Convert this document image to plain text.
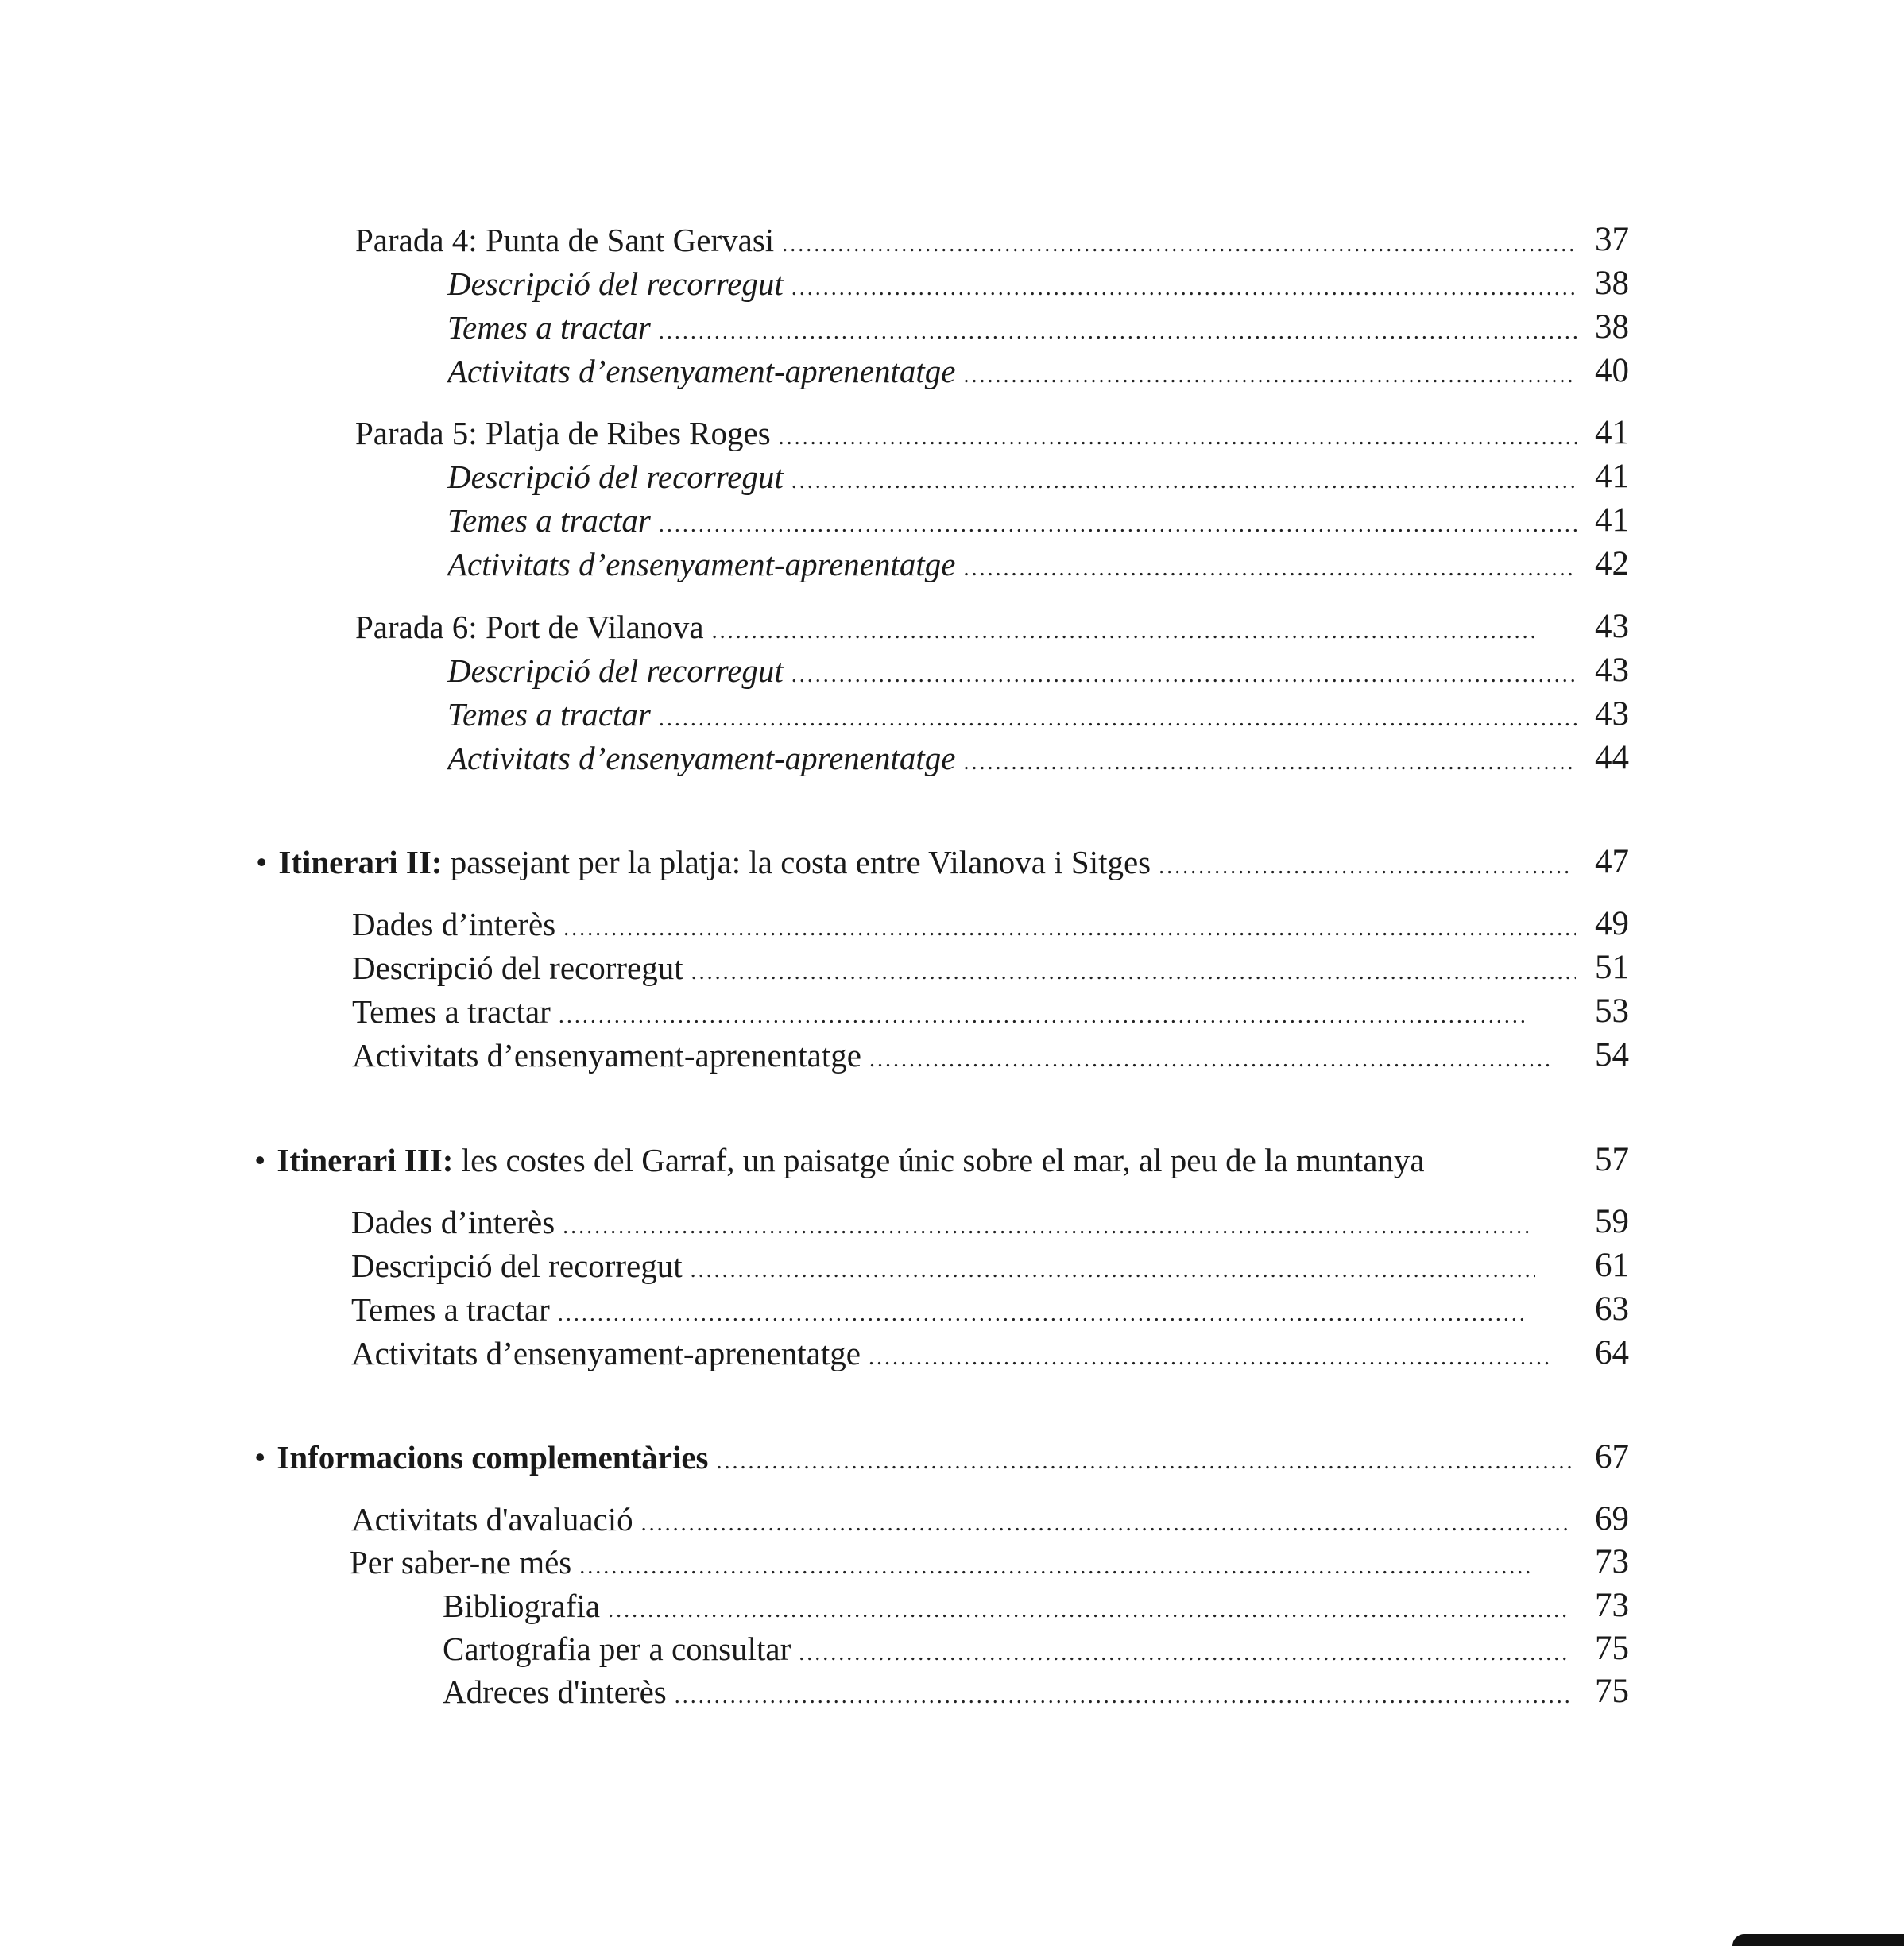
Parada 4: Punta de Sant Gervasi .....	37
Descripció del recorregut .....	38
Temes a tractar .....	38
Activitats d’ensenyament-aprenentatge .....	40
Parada 5: Platja de Ribes Roges .....	41
Descripció del recorregut .....	41
Temes a tractar .....	41
Activitats d’ensenyament-aprenentatge .....	42
Parada 6: Port de Vilanova .....	43
Descripció del recorregut .....	43
Temes a tractar .....	43
Activitats d’ensenyament-aprenentatge .....	44
• Itinerari II: passejant per la platja: la costa entre Vilanova i Sitges .....	47
Dades d’interès .....	49
Descripció del recorregut .....	51
Temes a tractar .....	53
Activitats d’ensenyament-aprenentatge .....	54
• Itinerari III: les costes del Garraf, un paisatge únic sobre el mar, al peu de la muntanya	57
Dades d’interès .....	59
Descripció del recorregut .....	61
Temes a tractar .....	63
Activitats d’ensenyament-aprenentatge .....	64
• Informacions complementàries .....	67
Activitats d'avaluació .....	69
Per saber-ne més .....	73
Bibliografia .....	73
Cartografia per a consultar .....	75
Adreces d'interès .....	75
